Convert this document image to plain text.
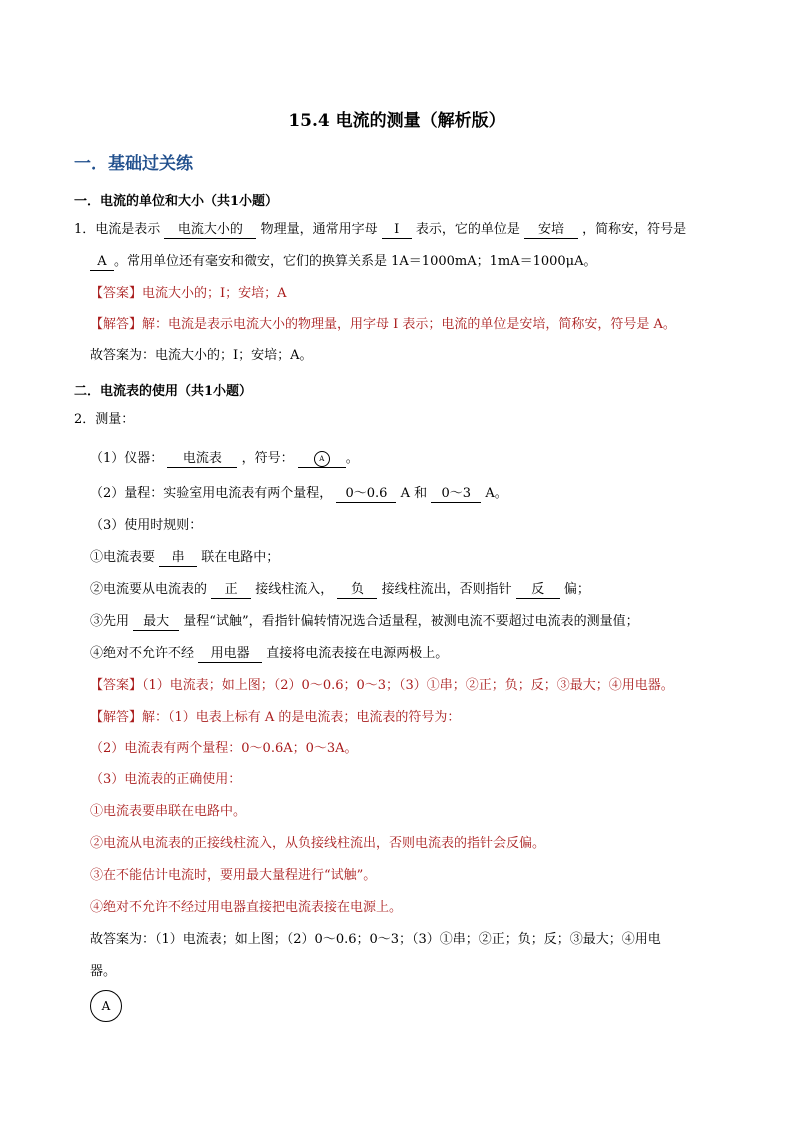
15.4 电流的测量（解析版）
一．基础过关练
一．电流的单位和大小（共1小题）
1．电流是表示 电流大小的 物理量，通常用字母 I 表示，它的单位是 安培 ，简称安，符号是
A 。常用单位还有毫安和微安，它们的换算关系是 1A＝1000mA；1mA＝1000μA。
【答案】电流大小的；I；安培；A
【解答】解：电流是表示电流大小的物理量，用字母 I 表示；电流的单位是安培，简称安，符号是 A。
故答案为：电流大小的；I；安培；A。
二．电流表的使用（共1小题）
2．测量：
（1）仪器： 电流表 ，符号：	A 。
（2）量程：实验室用电流表有两个量程， 0～0.6 A 和 0～3 A。
（3）使用时规则：
①电流表要 串 联在电路中；
②电流要从电流表的 正 接线柱流入， 负 接线柱流出，否则指针 反 偏；
③先用 最大 量程“试触”，看指针偏转情况选合适量程，被测电流不要超过电流表的测量值；
④绝对不允许不经 用电器 直接将电流表接在电源两极上。
【答案】（1）电流表；如上图；（2）0～0.6；0～3；（3）①串；②正；负；反；③最大；④用电器。
【解答】解：（1）电表上标有 A 的是电流表；电流表的符号为：
（2）电流表有两个量程：0～0.6A；0～3A。
（3）电流表的正确使用：
①电流表要串联在电路中。
②电流从电流表的正接线柱流入，从负接线柱流出，否则电流表的指针会反偏。
③在不能估计电流时，要用最大量程进行“试触”。
④绝对不允许不经过用电器直接把电流表接在电源上。
故答案为：（1）电流表；如上图；（2）0～0.6；0～3；（3）①串；②正；负；反；③最大；④用电
器。
A
